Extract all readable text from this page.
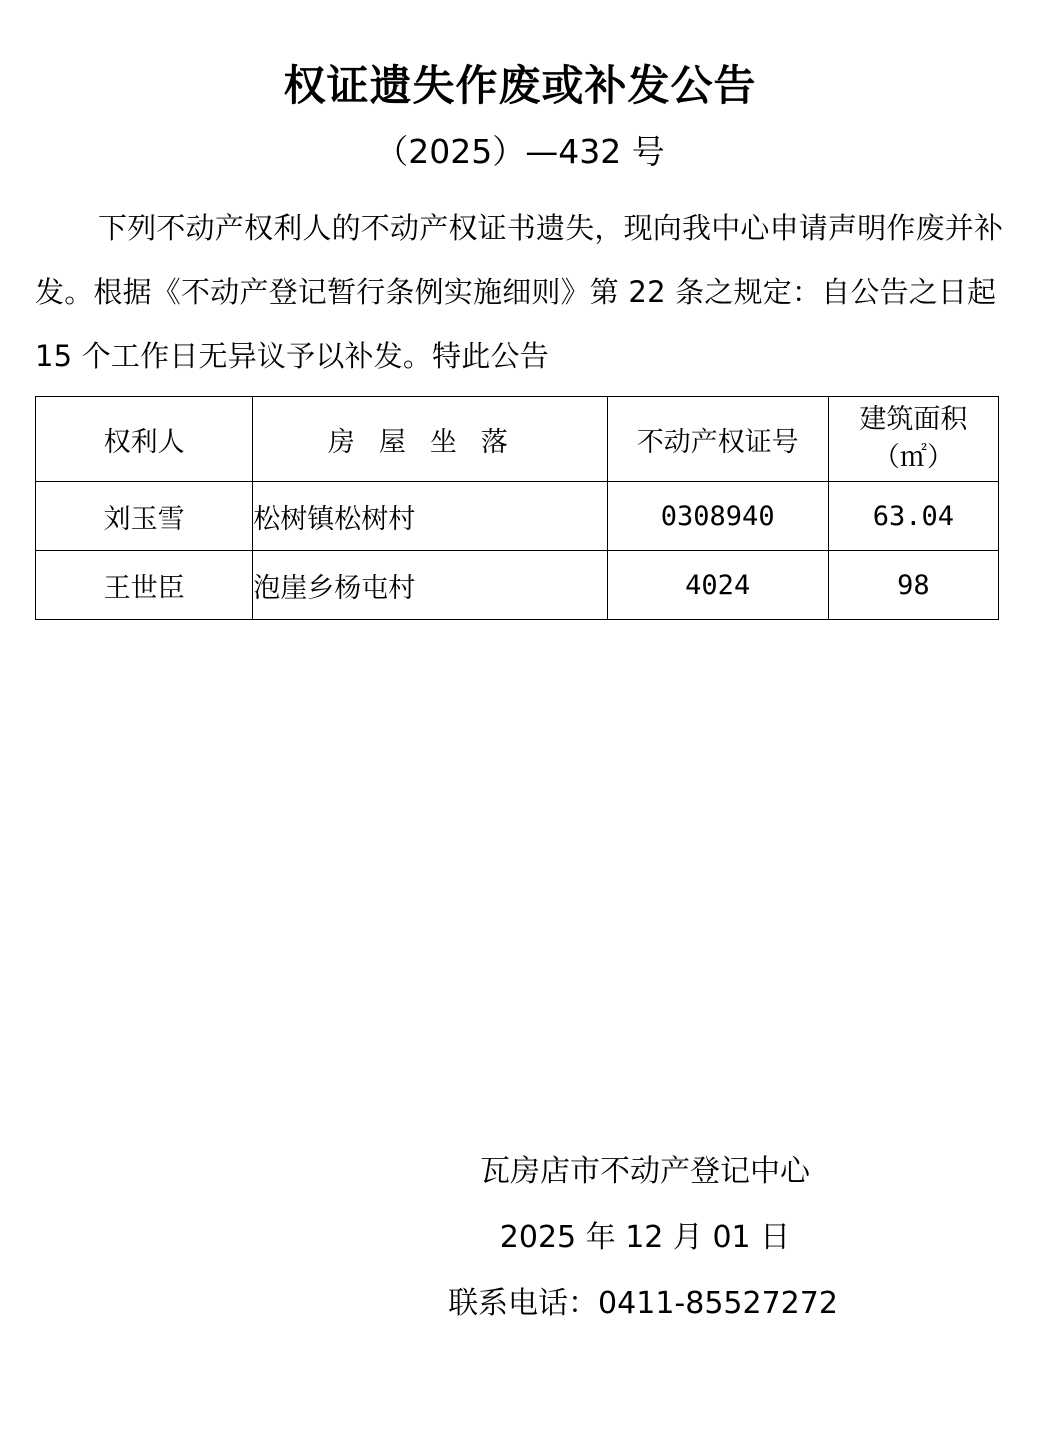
权证遗失作废或补发公告
（2025）—432 号
下列不动产权利人的不动产权证书遗失，现向我中心申请声明作废并补发。根据《不动产登记暂行条例实施细则》第 22 条之规定：自公告之日起 15 个工作日无异议予以补发。特此公告
权利人	房屋坐落	不动产权证号	建筑面积
（㎡）
刘玉雪	松树镇松树村	0308940	63.04
王世臣	泡崖乡杨屯村	4024	98
瓦房店市不动产登记中心
2025 年 12 月 01 日
联系电话：0411-85527272
